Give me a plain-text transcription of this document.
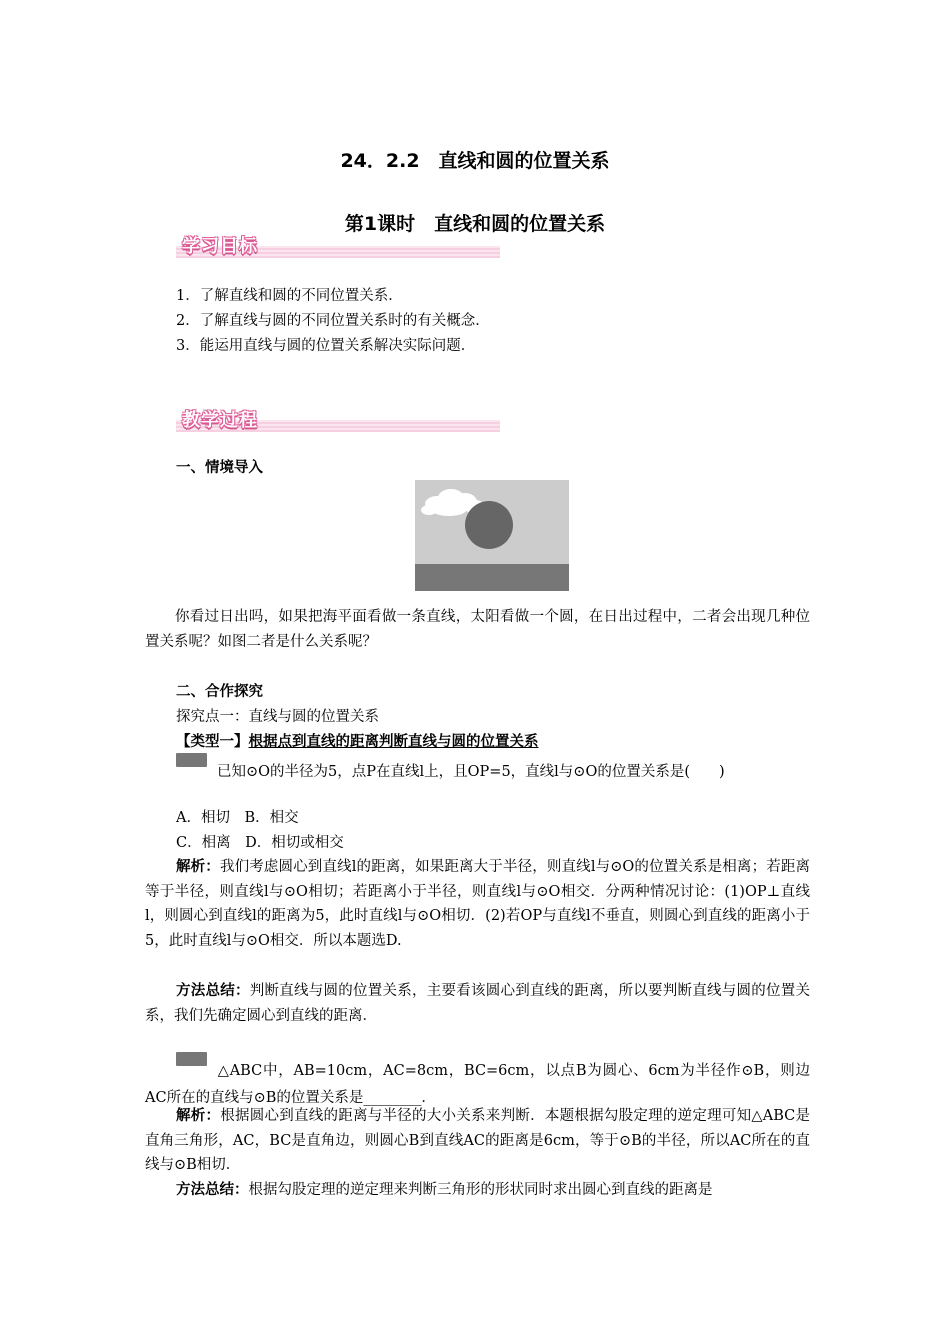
24．2.2　直线和圆的位置关系
第1课时　直线和圆的位置关系
学习目标
1．了解直线和圆的不同位置关系．
2．了解直线与圆的不同位置关系时的有关概念．
3．能运用直线与圆的位置关系解决实际问题．
教学过程
一、情境导入
你看过日出吗，如果把海平面看做一条直线，太阳看做一个圆，在日出过程中，二者会出现几种位置关系呢？如图二者是什么关系呢？
二、合作探究
探究点一：直线与圆的位置关系
【类型一】根据点到直线的距离判断直线与圆的位置关系
例1 已知⊙O的半径为5，点P在直线l上，且OP=5，直线l与⊙O的位置关系是(　　)
A．相切　B．相交
C．相离　D．相切或相交
解析：我们考虑圆心到直线l的距离，如果距离大于半径，则直线l与⊙O的位置关系是相离；若距离等于半径，则直线l与⊙O相切；若距离小于半径，则直线l与⊙O相交．分两种情况讨论：(1)OP⊥直线l，则圆心到直线l的距离为5，此时直线l与⊙O相切．(2)若OP与直线l不垂直，则圆心到直线的距离小于5，此时直线l与⊙O相交．所以本题选D.
方法总结：判断直线与圆的位置关系，主要看该圆心到直线的距离，所以要判断直线与圆的位置关系，我们先确定圆心到直线的距离．
例2 △ABC中，AB=10cm，AC=8cm，BC=6cm，以点B为圆心、6cm为半径作⊙B，则边AC所在的直线与⊙B的位置关系是________．
解析：根据圆心到直线的距离与半径的大小关系来判断．本题根据勾股定理的逆定理可知△ABC是直角三角形，AC，BC是直角边，则圆心B到直线AC的距离是6cm，等于⊙B的半径，所以AC所在的直线与⊙B相切．
方法总结：根据勾股定理的逆定理来判断三角形的形状同时求出圆心到直线的距离是
